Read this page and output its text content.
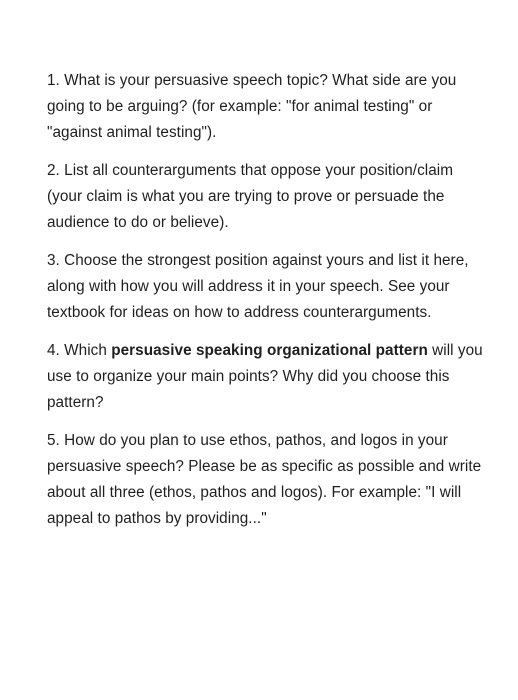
1. What is your persuasive speech topic? What side are you going to be arguing? (for example: "for animal testing" or "against animal testing").

2. List all counterarguments that oppose your position/claim (your claim is what you are trying to prove or persuade the audience to do or believe).

3. Choose the strongest position against yours and list it here, along with how you will address it in your speech. See your textbook for ideas on how to address counterarguments.

4. Which persuasive speaking organizational pattern will you use to organize your main points? Why did you choose this pattern?

5. How do you plan to use ethos, pathos, and logos in your persuasive speech? Please be as specific as possible and write about all three (ethos, pathos and logos). For example: "I will appeal to pathos by providing..."
